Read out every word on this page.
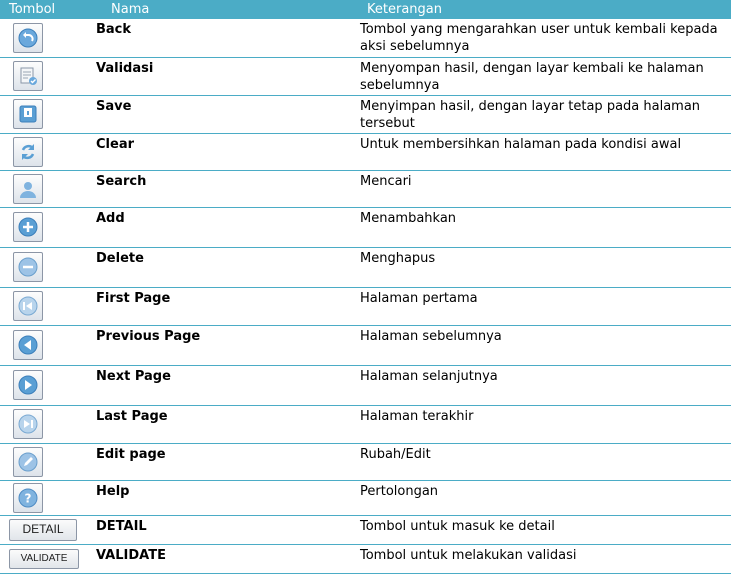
Tombol	Nama	Keterangan

	Back	Tombol yang mengarahkan user untuk kembali kepada aksi sebelumnya

	Validasi	Menyompan hasil, dengan layar kembali ke halaman sebelumnya

	Save	Menyimpan hasil, dengan layar tetap pada halaman tersebut

	Clear	Untuk membersihkan halaman pada kondisi awal

	Search	Mencari

	Add	Menambahkan

	Delete	Menghapus

	First Page	Halaman pertama

	Previous Page	Halaman sebelumnya

	Next Page	Halaman selanjutnya

	Last Page	Halaman terakhir

	Edit page	Rubah/Edit

?	Help	Pertolongan

DETAIL	DETAIL	Tombol untuk masuk ke detail

VALIDATE	VALIDATE	Tombol untuk melakukan validasi
